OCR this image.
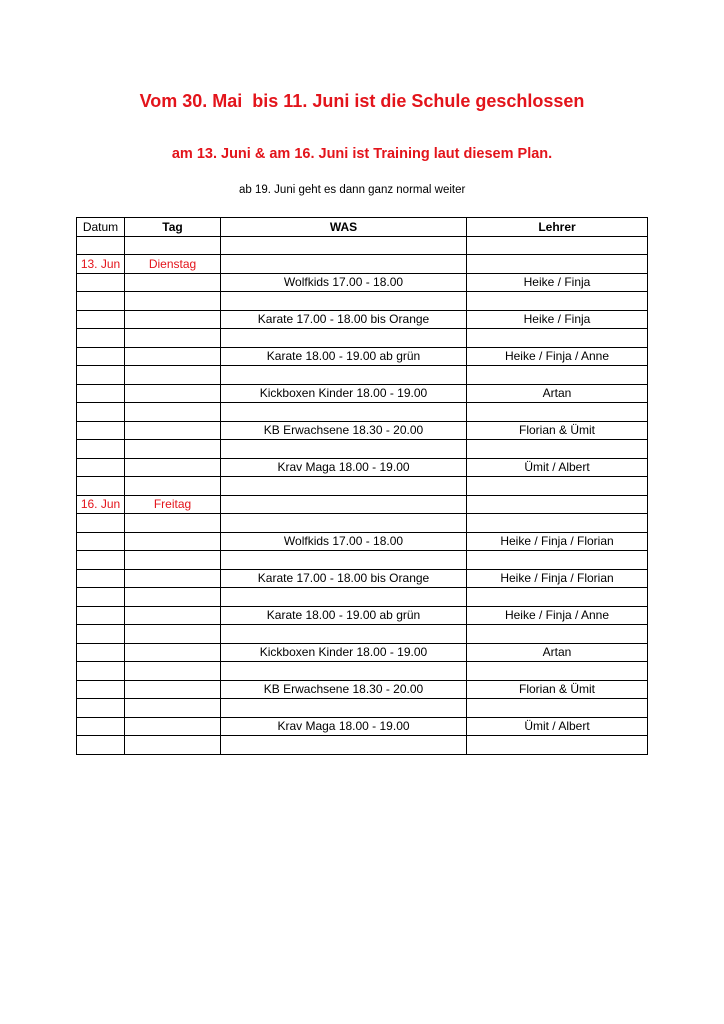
Vom 30. Mai  bis 11. Juni ist die Schule geschlossen
am 13. Juni & am 16. Juni ist Training laut diesem Plan.
ab 19. Juni geht es dann ganz normal weiter
Datum	Tag	WAS	Lehrer

13. Jun	Dienstag		
		Wolfkids 17.00 - 18.00	Heike / Finja

		Karate 17.00 - 18.00 bis Orange	Heike / Finja

		Karate 18.00 - 19.00 ab grün	Heike / Finja / Anne

		Kickboxen Kinder 18.00 - 19.00	Artan

		KB Erwachsene 18.30 - 20.00	Florian & Ümit

		Krav Maga 18.00 - 19.00	Ümit / Albert

16. Jun	Freitag		

		Wolfkids 17.00 - 18.00	Heike / Finja / Florian

		Karate 17.00 - 18.00 bis Orange	Heike / Finja / Florian

		Karate 18.00 - 19.00 ab grün	Heike / Finja / Anne

		Kickboxen Kinder 18.00 - 19.00	Artan

		KB Erwachsene 18.30 - 20.00	Florian & Ümit

		Krav Maga 18.00 - 19.00	Ümit / Albert
